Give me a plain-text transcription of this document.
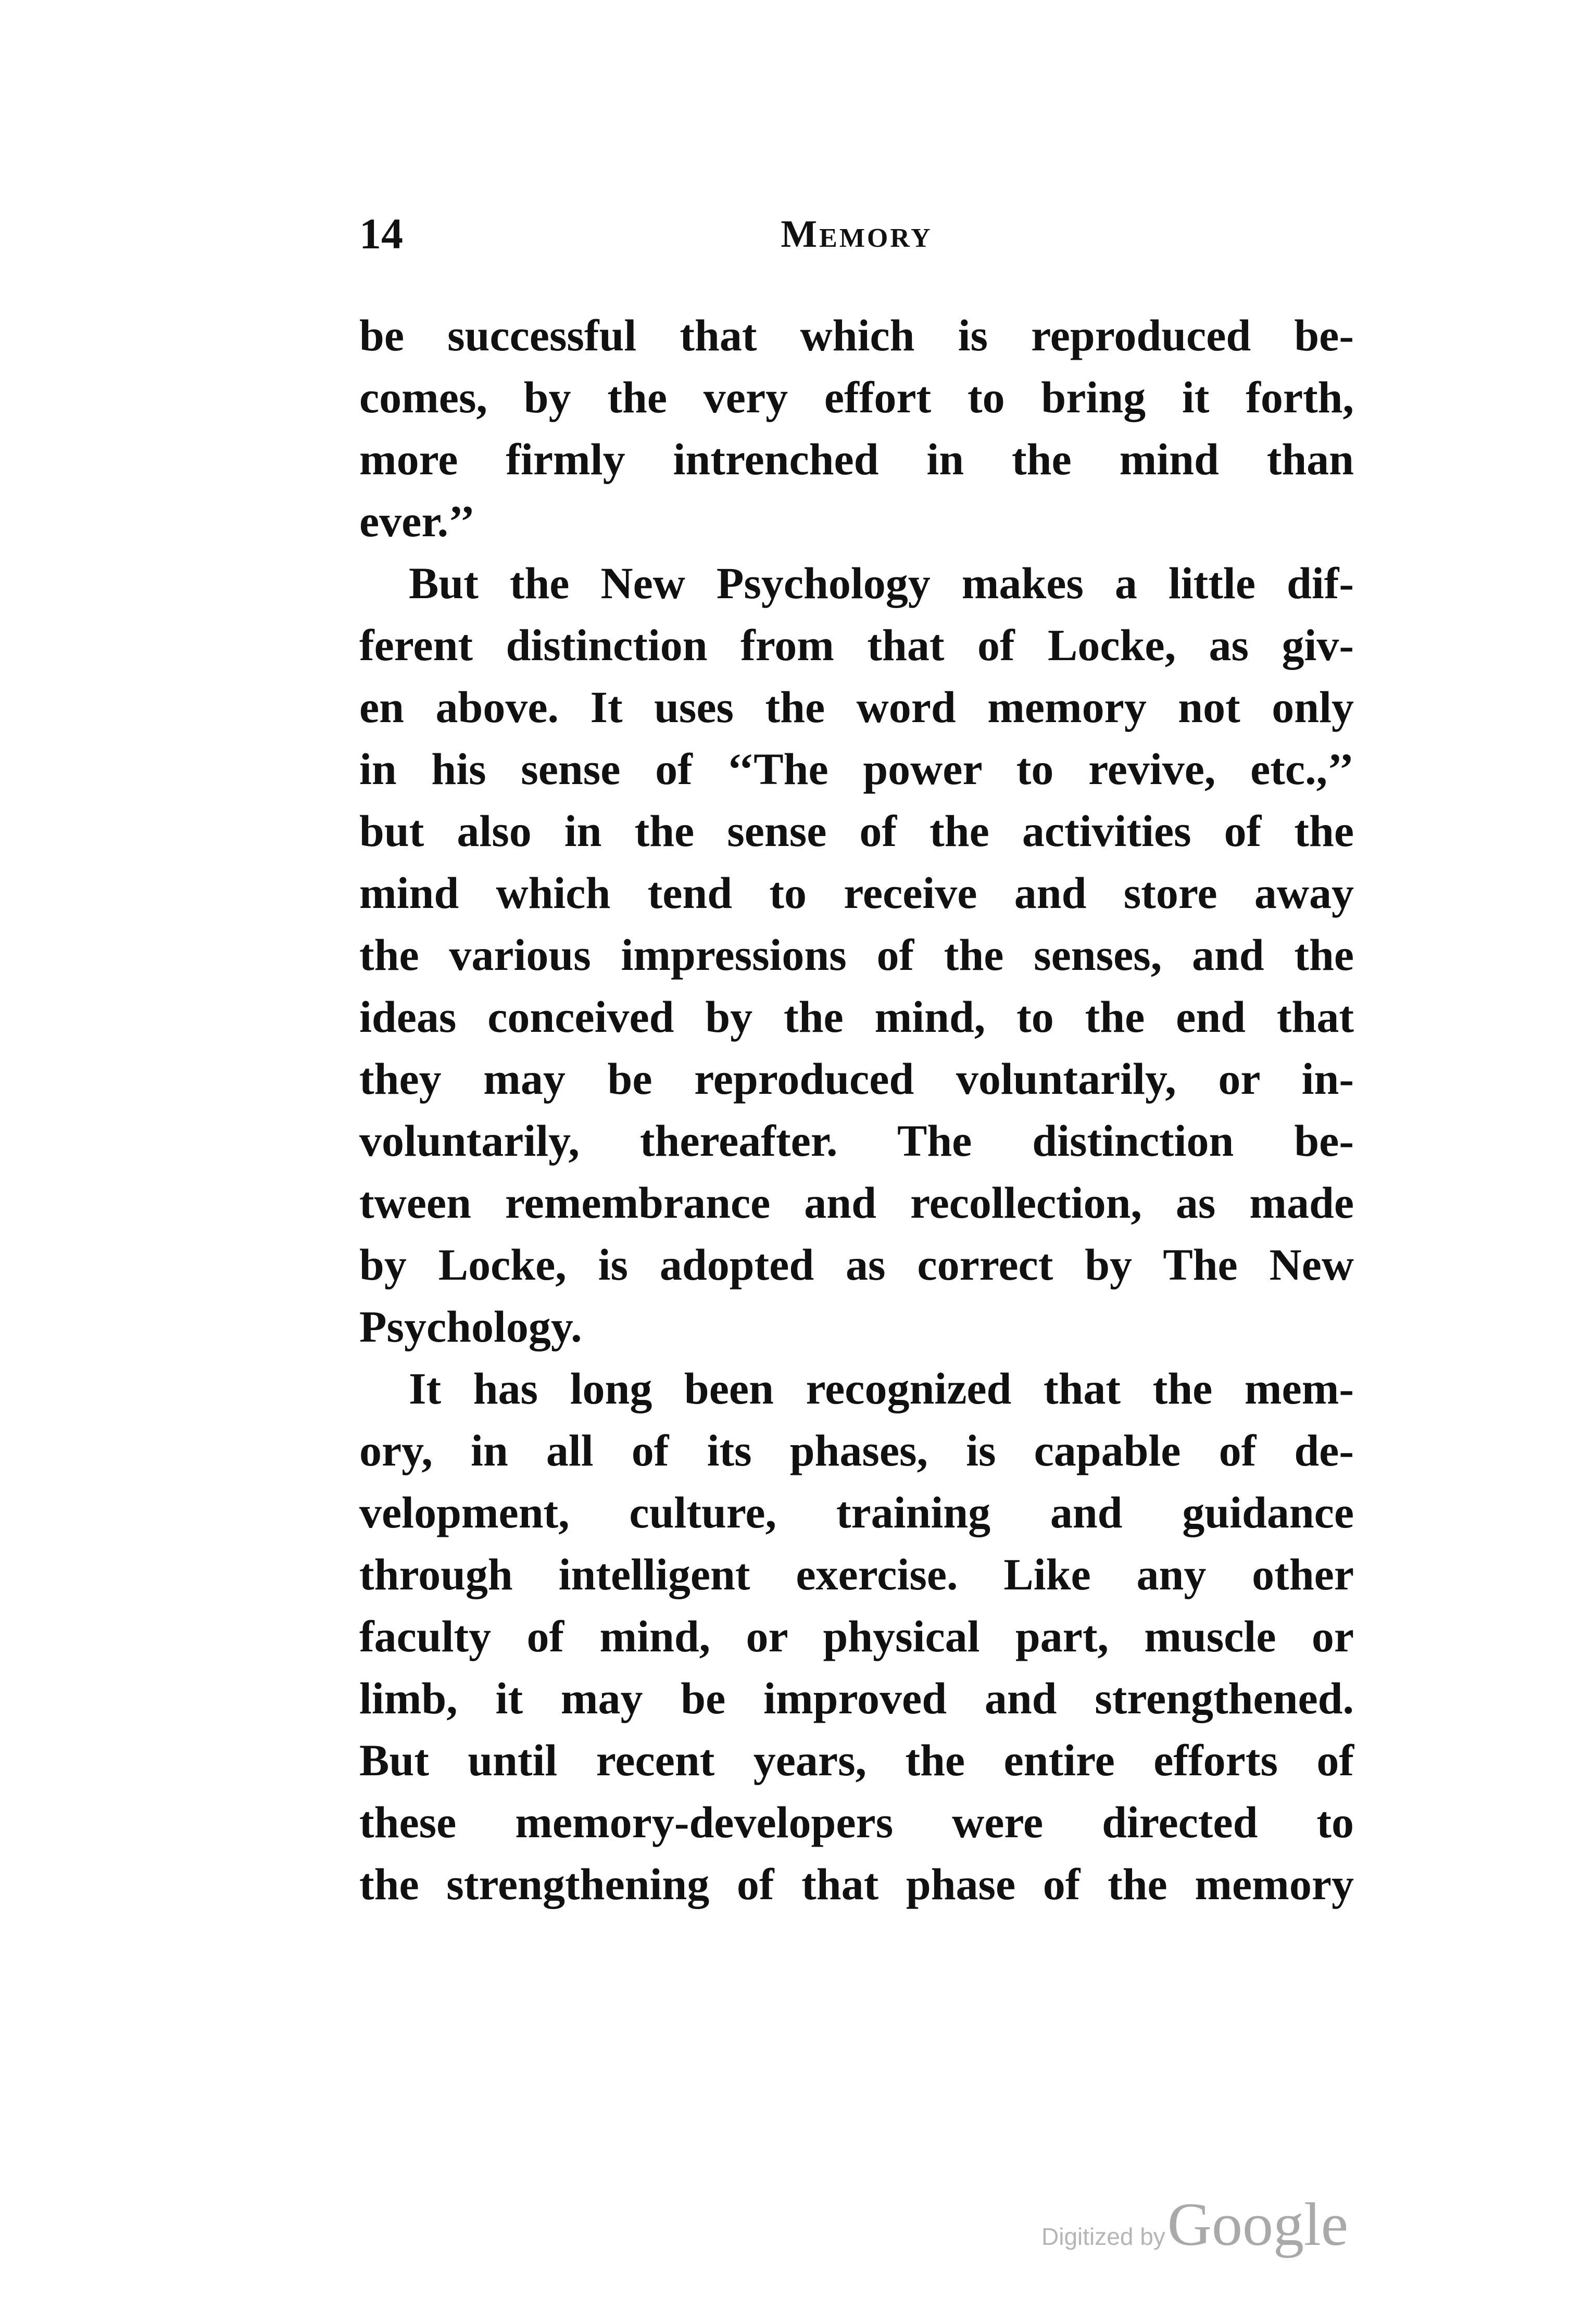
14	Memory
be successful that which is reproduced be-
comes, by the very effort to bring it forth,
more firmly intrenched in the mind than
ever.’’
But the New Psychology makes a little dif-
ferent distinction from that of Locke, as giv-
en above. It uses the word memory not only
in his sense of ‘‘The power to revive, etc.,’’
but also in the sense of the activities of the
mind which tend to receive and store away
the various impressions of the senses, and the
ideas conceived by the mind, to the end that
they may be reproduced voluntarily, or in-
voluntarily, thereafter. The distinction be-
tween remembrance and recollection, as made
by Locke, is adopted as correct by The New
Psychology.
It has long been recognized that the mem-
ory, in all of its phases, is capable of de-
velopment, culture, training and guidance
through intelligent exercise. Like any other
faculty of mind, or physical part, muscle or
limb, it may be improved and strengthened.
But until recent years, the entire efforts of
these memory-developers were directed to
the strengthening of that phase of the memory
Digitized by Google
